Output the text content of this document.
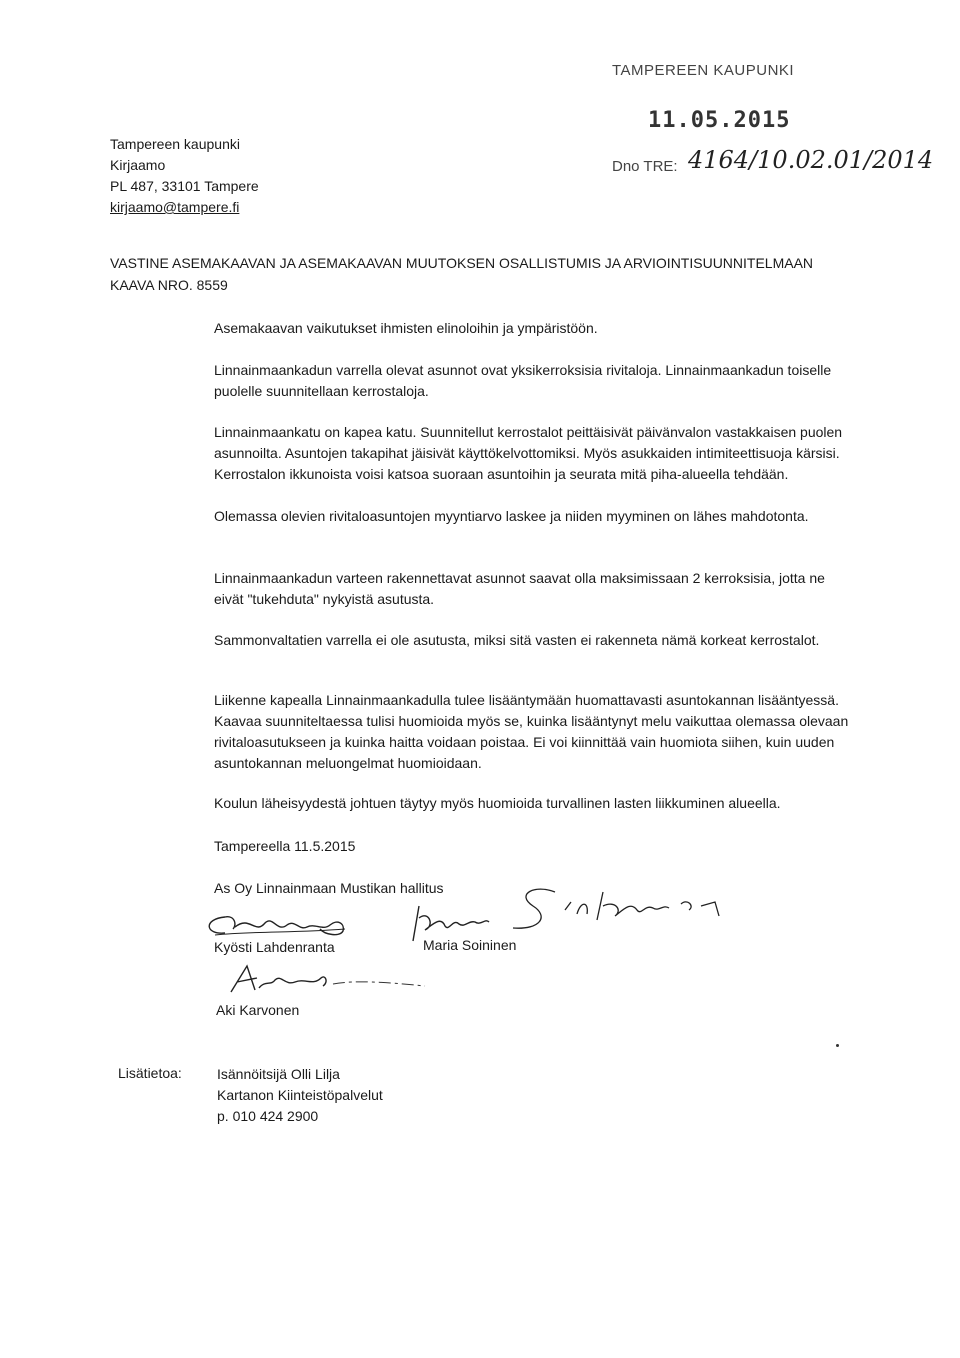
TAMPEREEN KAUPUNKI
11.05.2015
Dno TRE: 4164/10.02.01/2014
Tampereen kaupunki
Kirjaamo
PL 487, 33101 Tampere
kirjaamo@tampere.fi
VASTINE ASEMAKAAVAN JA ASEMAKAAVAN MUUTOKSEN OSALLISTUMIS JA ARVIOINTISUUNNITELMAAN
KAAVA NRO. 8559
Asemakaavan vaikutukset ihmisten elinoloihin ja ympäristöön.
Linnainmaankadun varrella olevat asunnot ovat yksikerroksisia rivitaloja. Linnainmaankadun toiselle puolelle suunnitellaan kerrostaloja.
Linnainmaankatu on kapea katu. Suunnitellut kerrostalot peittäisivät päivänvalon vastakkaisen puolen asunnoilta. Asuntojen takapihat jäisivät käyttökelvottomiksi. Myös asukkaiden intimiteettisuoja kärsisi. Kerrostalon ikkunoista voisi katsoa suoraan asuntoihin ja seurata mitä piha-alueella tehdään.
Olemassa olevien rivitaloasuntojen myyntiarvo laskee ja niiden myyminen on lähes mahdotonta.
Linnainmaankadun varteen rakennettavat asunnot saavat olla maksimissaan 2 kerroksisia, jotta ne eivät "tukehduta" nykyistä asutusta.
Sammonvaltatien varrella ei ole asutusta, miksi sitä vasten ei rakenneta nämä korkeat kerrostalot.
Liikenne kapealla Linnainmaankadulla tulee lisääntymään huomattavasti asuntokannan lisääntyessä. Kaavaa suunniteltaessa tulisi huomioida myös se, kuinka lisääntynyt melu vaikuttaa olemassa olevaan rivitaloasutukseen ja kuinka haitta voidaan poistaa. Ei voi kiinnittää vain huomiota siihen, kuin uuden asuntokannan meluongelmat huomioidaan.
Koulun läheisyydestä johtuen täytyy myös huomioida turvallinen lasten liikkuminen alueella.
Tampereella 11.5.2015
As Oy Linnainmaan Mustikan hallitus
Kyösti Lahdenranta	Maria Soininen
Aki Karvonen
Lisätietoa:	Isännöitsijä Olli Lilja
Kartanon Kiinteistöpalvelut
p. 010 424 2900
